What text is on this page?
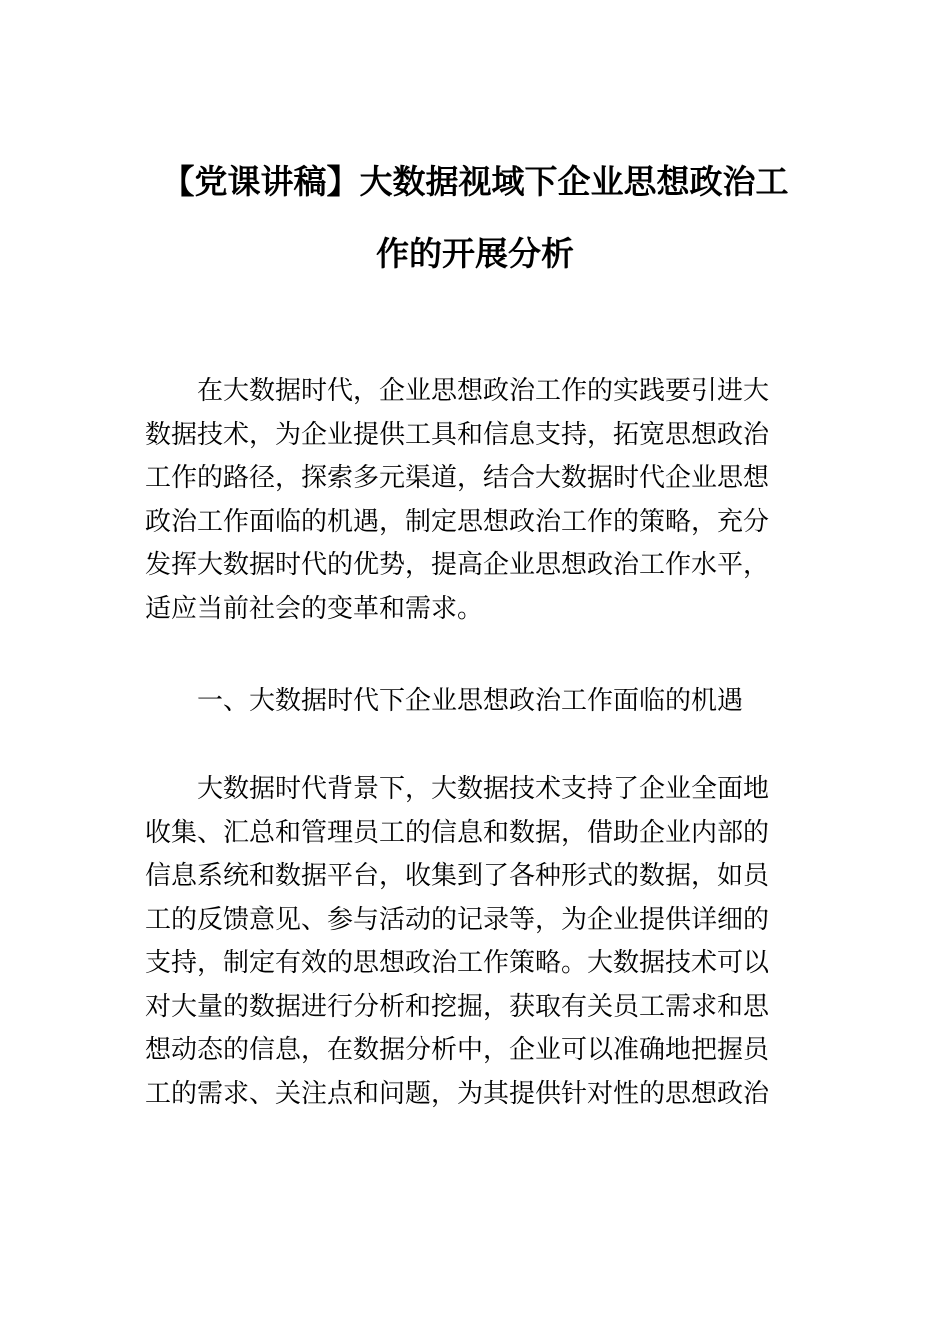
【党课讲稿】大数据视域下企业思想政治工
作的开展分析

在大数据时代，企业思想政治工作的实践要引进大
数据技术，为企业提供工具和信息支持，拓宽思想政治
工作的路径，探索多元渠道，结合大数据时代企业思想
政治工作面临的机遇，制定思想政治工作的策略，充分
发挥大数据时代的优势，提高企业思想政治工作水平，
适应当前社会的变革和需求。

一、大数据时代下企业思想政治工作面临的机遇

大数据时代背景下，大数据技术支持了企业全面地
收集、汇总和管理员工的信息和数据，借助企业内部的
信息系统和数据平台，收集到了各种形式的数据，如员
工的反馈意见、参与活动的记录等，为企业提供详细的
支持，制定有效的思想政治工作策略。大数据技术可以
对大量的数据进行分析和挖掘，获取有关员工需求和思
想动态的信息，在数据分析中，企业可以准确地把握员
工的需求、关注点和问题，为其提供针对性的思想政治
